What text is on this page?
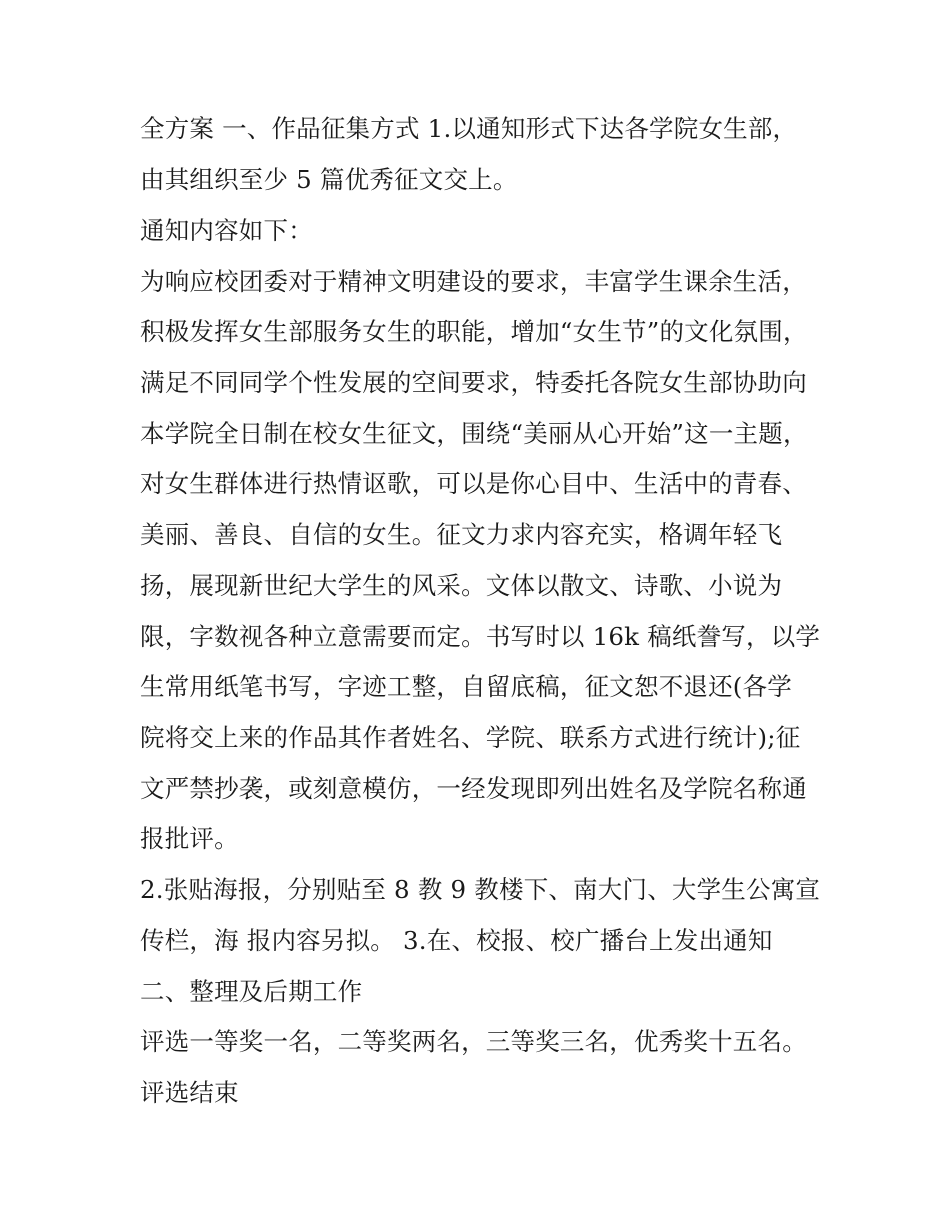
全方案 一、作品征集方式 1.以通知形式下达各学院女生部，
由其组织至少 5 篇优秀征文交上。
通知内容如下：
为响应校团委对于精神文明建设的要求，丰富学生课余生活，
积极发挥女生部服务女生的职能，增加“女生节”的文化氛围，
满足不同同学个性发展的空间要求，特委托各院女生部协助向
本学院全日制在校女生征文，围绕“美丽从心开始”这一主题，
对女生群体进行热情讴歌，可以是你心目中、生活中的青春、
美丽、善良、自信的女生。征文力求内容充实，格调年轻飞
扬，展现新世纪大学生的风采。文体以散文、诗歌、小说为
限，字数视各种立意需要而定。书写时以 16k 稿纸誊写，以学
生常用纸笔书写，字迹工整，自留底稿，征文恕不退还(各学
院将交上来的作品其作者姓名、学院、联系方式进行统计);征
文严禁抄袭，或刻意模仿，一经发现即列出姓名及学院名称通
报批评。
2.张贴海报，分别贴至 8 教 9 教楼下、南大门、大学生公寓宣
传栏，海 报内容另拟。 3.在、校报、校广播台上发出通知
二、整理及后期工作
评选一等奖一名，二等奖两名，三等奖三名，优秀奖十五名。
评选结束
